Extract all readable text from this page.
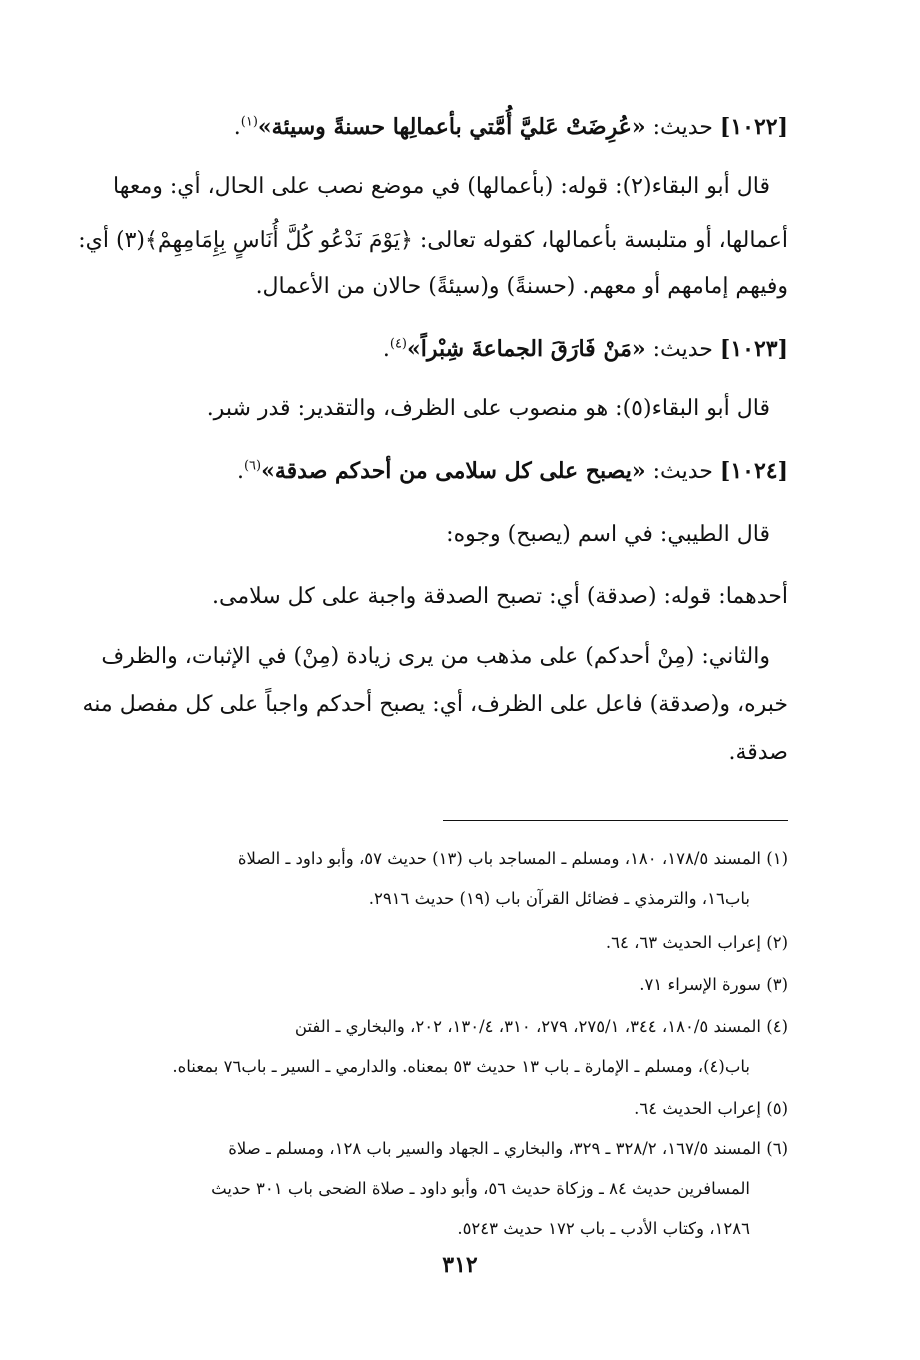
[١٠٢٢] حديث: «عُرِضَتْ عَليَّ أُمَّتي بأعمالِها حسنةً وسيئة»$^{(١)}$.
قال أبو البقاء(٢): قوله: (بأعمالها) في موضع نصب على الحال، أي: ومعها
أعمالها، أو متلبسة بأعمالها، كقوله تعالى: ﴿يَوْمَ نَدْعُو كُلَّ أُنَاسٍ بِإِمَامِهِمْ﴾(٣) أي:
وفيهم إمامهم أو معهم. (حسنةً) و(سيئةً) حالان من الأعمال.
[١٠٢٣] حديث: «مَنْ فَارَقَ الجماعةَ شِبْراً»$^{(٤)}$.
قال أبو البقاء(٥): هو منصوب على الظرف، والتقدير: قدر شبر.
[١٠٢٤] حديث: «يصبح على كل سلامى من أحدكم صدقة»$^{(٦)}$.
قال الطيبي: في اسم (يصبح) وجوه:
أحدهما: قوله: (صدقة) أي: تصبح الصدقة واجبة على كل سلامى.
والثاني: (مِنْ أحدكم) على مذهب من يرى زيادة (مِنْ) في الإثبات، والظرف
خبره، و(صدقة) فاعل على الظرف، أي: يصبح أحدكم واجباً على كل مفصل منه
صدقة.
(١) المسند ١٧٨/٥، ١٨٠، ومسلم ـ المساجد باب (١٣) حديث ٥٧، وأبو داود ـ الصلاة
باب١٦، والترمذي ـ فضائل القرآن باب (١٩) حديث ٢٩١٦.
(٢) إعراب الحديث ٦٣، ٦٤.
(٣) سورة الإسراء ٧١.
(٤) المسند ١٨٠/٥، ٣٤٤، ٢٧٥/١، ٢٧٩، ٣١٠، ١٣٠/٤، ٢٠٢، والبخاري ـ الفتن
باب(٤)، ومسلم ـ الإمارة ـ باب ١٣ حديث ٥٣ بمعناه. والدارمي ـ السير ـ باب٧٦ بمعناه.
(٥) إعراب الحديث ٦٤.
(٦) المسند ١٦٧/٥، ٣٢٨/٢ ـ ٣٢٩، والبخاري ـ الجهاد والسير باب ١٢٨، ومسلم ـ صلاة
المسافرين حديث ٨٤ ـ وزكاة حديث ٥٦، وأبو داود ـ صلاة الضحى باب ٣٠١ حديث
١٢٨٦، وكتاب الأدب ـ باب ١٧٢ حديث ٥٢٤٣.
٣١٢
